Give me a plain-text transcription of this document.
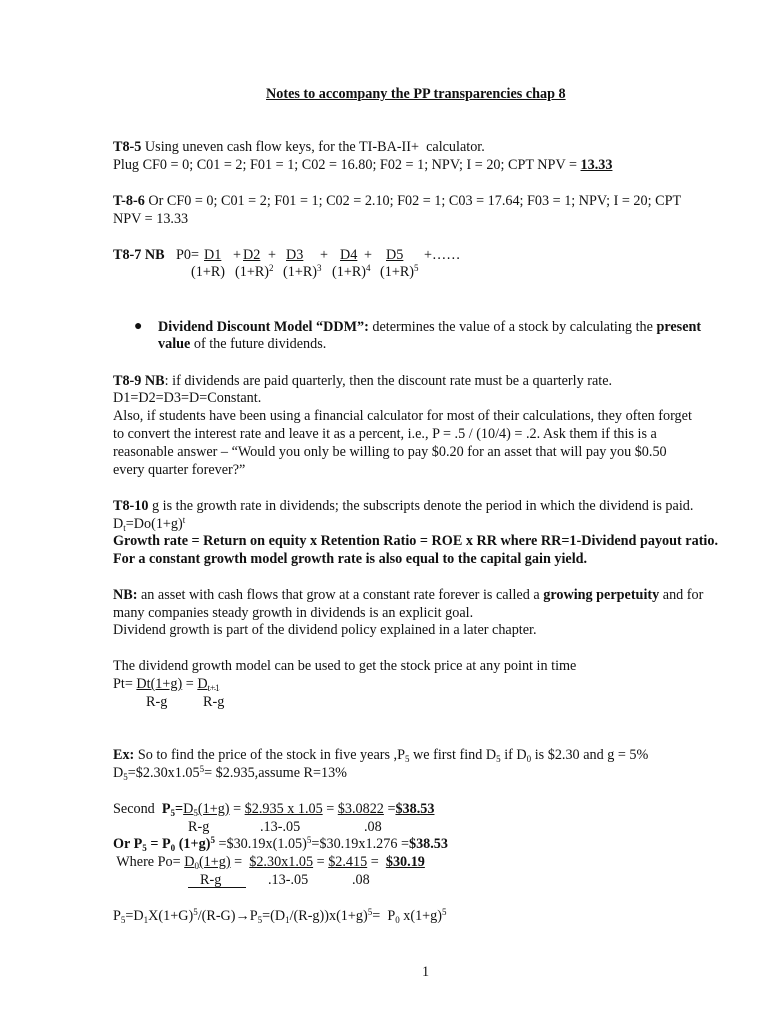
Notes to accompany the PP transparencies chap 8
T8-5 Using uneven cash flow keys, for the TI-BA-II+  calculator.
Plug CF0 = 0; C01 = 2; F01 = 1; C02 = 16.80; F02 = 1; NPV; I = 20; CPT NPV = 13.33
T-8-6 Or CF0 = 0; C01 = 2; F01 = 1; C02 = 2.10; F02 = 1; C03 = 17.64; F03 = 1; NPV; I = 20; CPT
NPV = 13.33
T8-7 NB P0= D1 + D2 + D3 + D4 + D5 +……
(1+R) $(1+R)^2$ $(1+R)^3$ $(1+R)^4$ $(1+R)^5$
● Dividend Discount Model “DDM”: determines the value of a stock by calculating the present
value of the future dividends.
T8-9 NB: if dividends are paid quarterly, then the discount rate must be a quarterly rate.
D1=D2=D3=D=Constant.
Also, if students have been using a financial calculator for most of their calculations, they often forget
to convert the interest rate and leave it as a percent, i.e., P = .5 / (10/4) = .2. Ask them if this is a
reasonable answer – “Would you only be willing to pay $0.20 for an asset that will pay you $0.50
every quarter forever?”
T8-10 g is the growth rate in dividends; the subscripts denote the period in which the dividend is paid.
$D_t=Do(1+g)^t$
Growth rate = Return on equity x Retention Ratio = ROE x RR where RR=1-Dividend payout ratio.
For a constant growth model growth rate is also equal to the capital gain yield.
NB: an asset with cash flows that grow at a constant rate forever is called a growing perpetuity and for
many companies steady growth in dividends is an explicit goal.
Dividend growth is part of the dividend policy explained in a later chapter.
The dividend growth model can be used to get the stock price at any point in time
$Pt= Dt(1+g) = D_{t+1}$
R-g	R-g
Ex: So to find the price of the stock in five years $,P_5$ we first find $D_5$ if $D_0$ is $2.30 and g = 5%
$D_5=\$2.30x1.05^5=$ $2.935,assume R=13%
Second  $P_5=D_5(1+g)$ = $2.935 x 1.05 = $3.0822 =$38.53
R-g	.13-.05	.08
Or $P_5 = P_0$ $(1+g)^5$ $=\$30.19x(1.05)^5=\$30.19x1.276$ =$38.53
Where $Po= D_0(1+g)$ =  $2.30x1.05 = $2.415 =  $30.19
R-g	.13-.05	.08
$P_5=D_1X(1+G)^5/(R-G)\to P_5=(D_1/(R-g))x(1+g)^5= P_0$ $x(1+g)^5$
1
